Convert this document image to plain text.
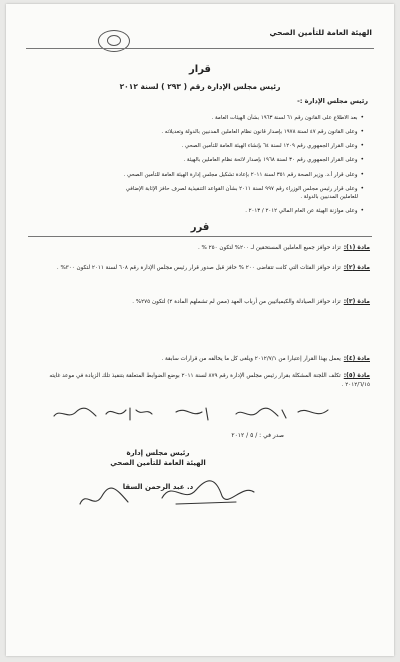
الهيئة العامة للتأمين الصحي
قرار
رئيس مجلس الإدارة رقم ( ٢٩٣ ) لسنة ٢٠١٢
رئيس مجلس الإدارة :-
• بعد الاطلاع على القانون رقم ٦١ لسنة ١٩٦٣ بشأن الهيئات العامة .
• وعلى القانون رقم ٤٧ لسنة ١٩٧٨ بإصدار قانون نظام العاملين المدنيين بالدولة وتعديلاته .
• وعلى القرار الجمهوري رقم ١٢٠٩ لسنة ٦٤ بإنشاء الهيئة العامة للتأمين الصحي .
• وعلى القرار الجمهوري رقم ٣٠ لسنة ١٩٦٨ بإصدار لائحة نظام العاملين بالهيئة .
• وعلى قرار أ.د. وزير الصحة رقم ٣٥١ لسنة ٢٠١١ بإعادة تشكيل مجلس إدارة الهيئة العامة للتأمين الصحي .
• وعلى قرار رئيس مجلس الوزراء رقم ٩٩٧ لسنة ٢٠١١ بشأن القواعد التنفيذية لصرف حافز الإثابة الإضافي
للعاملين المدنيين بالدولة .
• وعلى موازنة الهيئة عن العام المالي ٢٠١٢ / ٢٠١٣ .
قرر
مادة (١):تزاد حوافز جميع العاملين المستحقين لـ ٢٠٠% لتكون ٢٥٠ % .
مادة (٢):تزاد حوافز الفئات التي كانت تتقاضى ٢٠٠ % حافز قبل صدور قرار رئيس مجلس الإدارة رقم ٦٠٨ لسنة ٢٠١١ لتكون ٣٠٠% .
مادة (٣):تزاد حوافز الصيادلة والكيميائيين من أرباب العهد (ممن لم تشملهم المادة ٢) لتكون ٢٧٥% .
مادة (٤):يعمل بهذا القرار إعتبارا من ٢٠١٢/٧/١ ويلغى كل ما يخالفه من قرارات سابقة .
مادة (٥):تكلف اللجنة المشكلة بقرار رئيس مجلس الإدارة رقم ٨٧٩ لسنة ٢٠١١ بوضع الضوابط المتعلقة بتنفيذ تلك الزيادة في موعد غايته ٢٠١٢/٦/١٥ .
صدر في : / ٥ / ٢٠١٢
رئيس مجلس إدارة
الهيئة العامة للتأمين الصحي
د. عبد الرحمن السقا
